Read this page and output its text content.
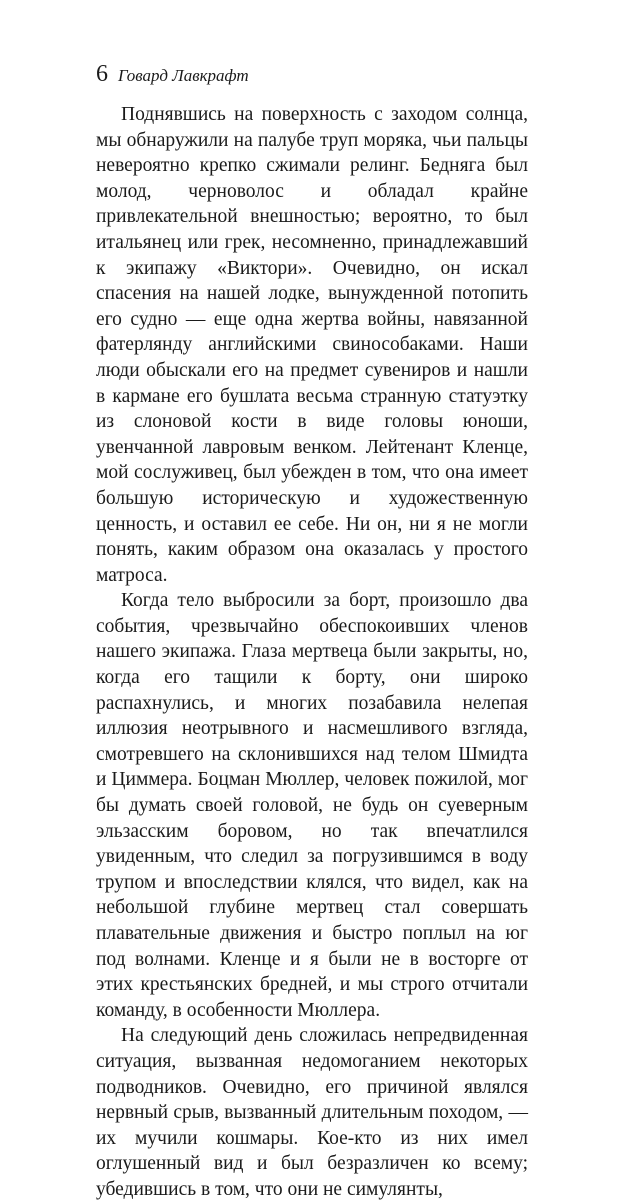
6 Говард Лавкрафт

Поднявшись на поверхность с заходом солнца, мы обнаружили на палубе труп моряка, чьи пальцы невероятно крепко сжимали релинг. Бедняга был молод, черноволос и обладал крайне привлекательной внешностью; вероятно, то был итальянец или грек, несомненно, принадлежавший к экипажу «Виктори». Очевидно, он искал спасения на нашей лодке, вынужденной потопить его судно — еще одна жертва войны, навязанной фатерлянду английскими свинособаками. Наши люди обыскали его на предмет сувениров и нашли в кармане его бушлата весьма странную статуэтку из слоновой кости в виде головы юноши, увенчанной лавровым венком. Лейтенант Кленце, мой сослуживец, был убежден в том, что она имеет большую историческую и художественную ценность, и оставил ее себе. Ни он, ни я не могли понять, каким образом она оказалась у простого матроса.

Когда тело выбросили за борт, произошло два события, чрезвычайно обеспокоивших членов нашего экипажа. Глаза мертвеца были закрыты, но, когда его тащили к борту, они широко распахнулись, и многих позабавила нелепая иллюзия неотрывного и насмешливого взгляда, смотревшего на склонившихся над телом Шмидта и Циммера. Боцман Мюллер, человек пожилой, мог бы думать своей головой, не будь он суеверным эльзасским боровом, но так впечатлился увиденным, что следил за погрузившимся в воду трупом и впоследствии клялся, что видел, как на небольшой глубине мертвец стал совершать плавательные движения и быстро поплыл на юг под волнами. Кленце и я были не в восторге от этих крестьянских бредней, и мы строго отчитали команду, в особенности Мюллера.

На следующий день сложилась непредвиденная ситуация, вызванная недомоганием некоторых подводников. Очевидно, его причиной являлся нервный срыв, вызванный длительным походом, — их мучили кошмары. Кое-кто из них имел оглушенный вид и был безразличен ко всему; убедившись в том, что они не симулянты,
